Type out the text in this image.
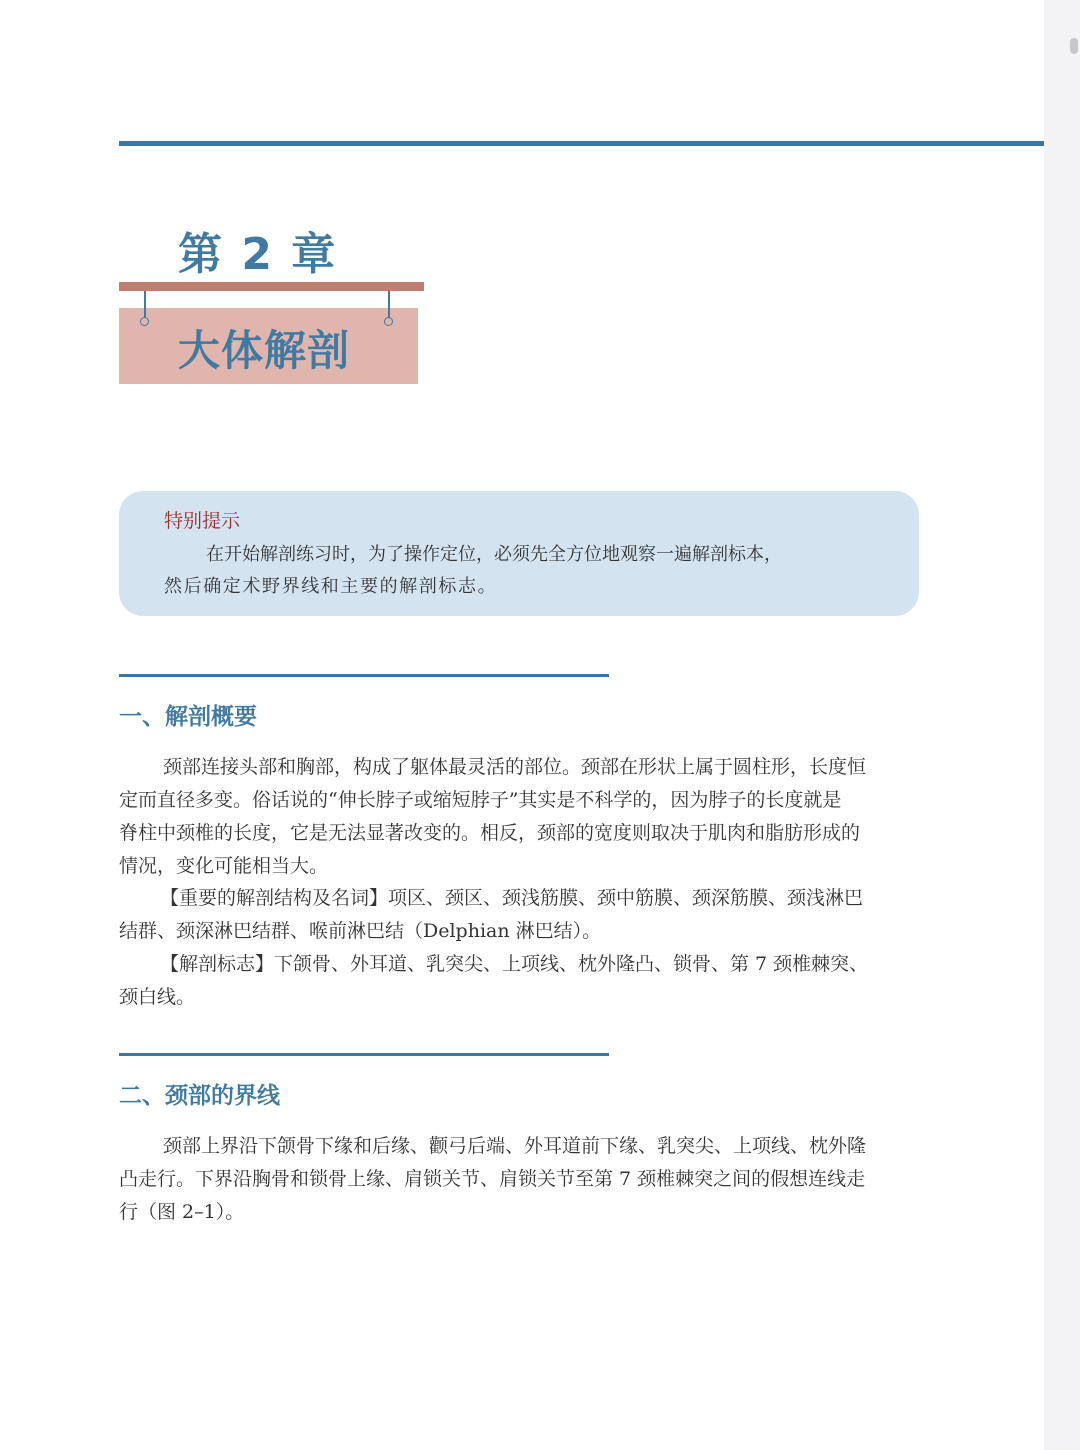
第 2 章
大体解剖
特别提示
在开始解剖练习时，为了操作定位，必须先全方位地观察一遍解剖标本，
然后确定术野界线和主要的解剖标志。
一、解剖概要
颈部连接头部和胸部，构成了躯体最灵活的部位。颈部在形状上属于圆柱形，长度恒
定而直径多变。俗话说的“伸长脖子或缩短脖子”其实是不科学的，因为脖子的长度就是
脊柱中颈椎的长度，它是无法显著改变的。相反，颈部的宽度则取决于肌肉和脂肪形成的
情况，变化可能相当大。
【重要的解剖结构及名词】项区、颈区、颈浅筋膜、颈中筋膜、颈深筋膜、颈浅淋巴
结群、颈深淋巴结群、喉前淋巴结（Delphian 淋巴结）。
【解剖标志】下颌骨、外耳道、乳突尖、上项线、枕外隆凸、锁骨、第 7 颈椎棘突、
颈白线。
二、颈部的界线
颈部上界沿下颌骨下缘和后缘、颧弓后端、外耳道前下缘、乳突尖、上项线、枕外隆
凸走行。下界沿胸骨和锁骨上缘、肩锁关节、肩锁关节至第 7 颈椎棘突之间的假想连线走
行（图 2–1）。
